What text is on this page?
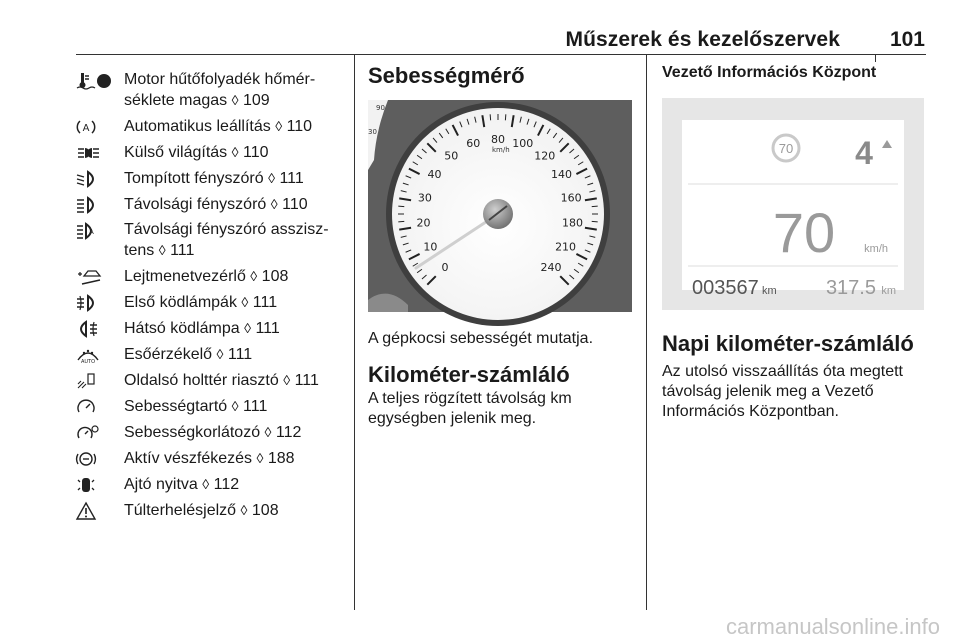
Műszerek és kezelőszervek 101
Motor hűtőfolyadék hőmér-séklete magas ◊ 109
A Automatikus leállítás ◊ 110
Külső világítás ◊ 110
Tompított fényszóró ◊ 111
Távolsági fényszóró ◊ 110
A Távolsági fényszóró asszisz-tens ◊ 111
Lejtmenetvezérlő ◊ 108
Első ködlámpák ◊ 111
Hátsó ködlámpa ◊ 111
AUTO Esőérzékelő ◊ 111
Oldalsó holttér riasztó ◊ 111
Sebességtartó ◊ 111
Sebességkorlátozó ◊ 112
Aktív vészfékezés ◊ 188
Ajtó nyitva ◊ 112
Túlterhelésjelző ◊ 108
Sebességmérő
0
10
20
30
40
50
60 80 100
120
140
160
180
210
240
km/h
90
30
A gépkocsi sebességét mutatja.
Kilométer-számláló
A teljes rögzített távolság km egységben jelenik meg.
Vezető Információs Központ
70 4
70	km/h
003567 km 317.5 km
Napi kilométer-számláló
Az utolsó visszaállítás óta megtett távolság jelenik meg a Vezető Információs Központban.
carmanualsonline.info
